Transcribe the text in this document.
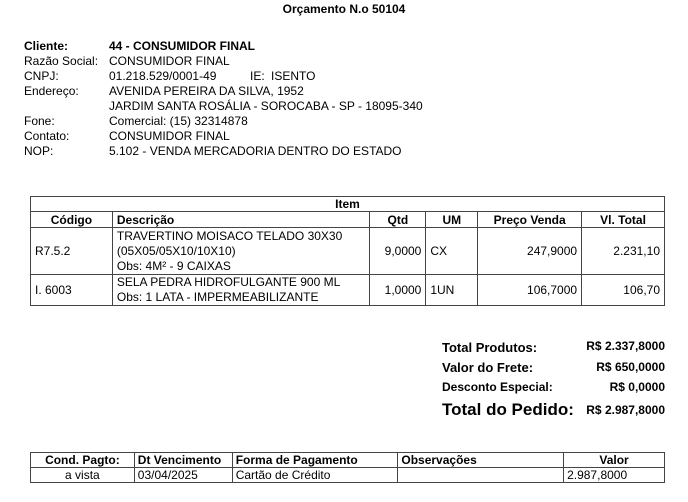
Orçamento N.o 50104
Cliente:	44 - CONSUMIDOR FINAL
Razão Social: CONSUMIDOR FINAL
CNPJ:	01.218.529/0001-49	IE: ISENTO
Endereço:	AVENIDA PEREIRA DA SILVA, 1952
JARDIM SANTA ROSÁLIA - SOROCABA - SP - 18095-340
Fone:	Comercial: (15) 32314878
Contato:	CONSUMIDOR FINAL
NOP:	5.102 - VENDA MERCADORIA DENTRO DO ESTADO
Item					
Código	Descrição	Qtd	UM	Preço Venda	Vl. Total
R7.5.2	TRAVERTINO MOISACO TELADO 30X30
(05X05/05X10/10X10)
Obs: 4M² - 9 CAIXAS	9,0000	CX	247,9000	2.231,10
I. 6003	SELA PEDRA HIDROFULGANTE 900 ML
Obs: 1 LATA - IMPERMEABILIZANTE	1,0000	1UN	106,7000	106,70
Total Produtos:	R$ 2.337,8000
Valor do Frete:	R$ 650,0000
Desconto Especial:	R$ 0,0000
Total do Pedido:	R$ 2.987,8000
Cond. Pagto:	Dt Vencimento	Forma de Pagamento	Observações	Valor
a vista	03/04/2025	Cartão de Crédito		2.987,8000
